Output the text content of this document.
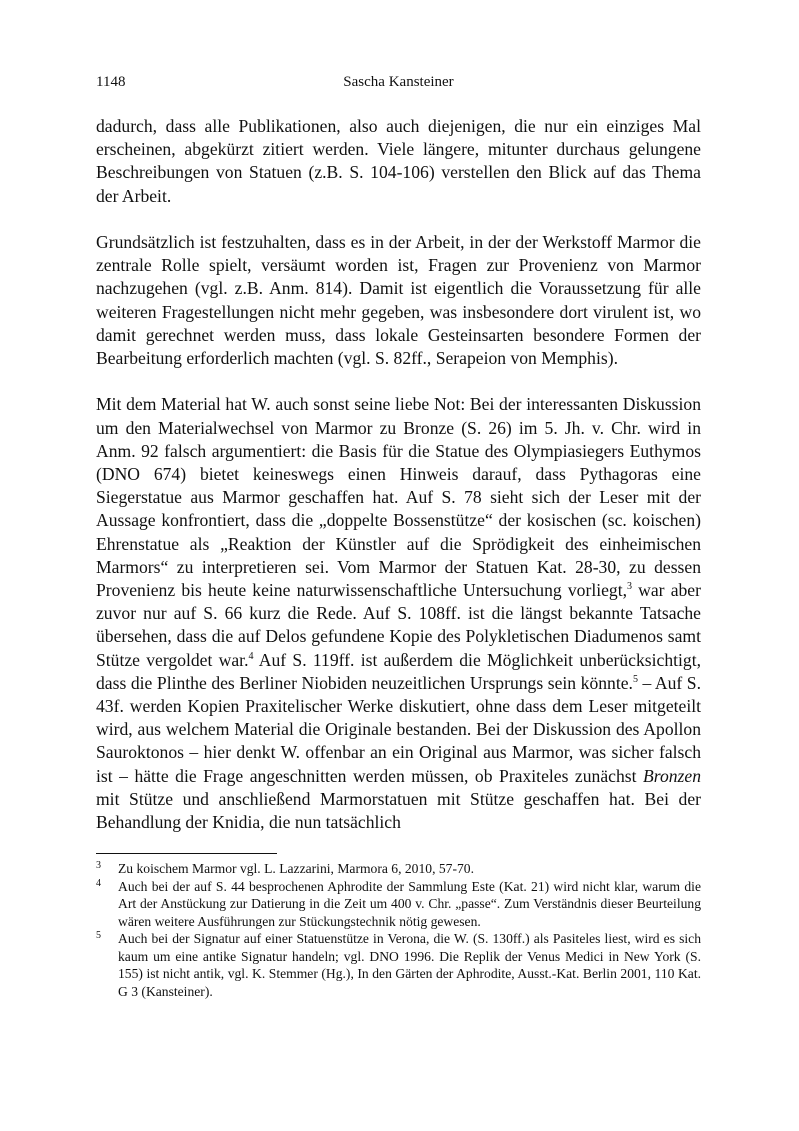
1148	Sascha Kansteiner

dadurch, dass alle Publikationen, also auch diejenigen, die nur ein einziges Mal erscheinen, abgekürzt zitiert werden. Viele längere, mitunter durchaus gelungene Beschreibungen von Statuen (z.B. S. 104-106) verstellen den Blick auf das Thema der Arbeit.

Grundsätzlich ist festzuhalten, dass es in der Arbeit, in der der Werkstoff Marmor die zentrale Rolle spielt, versäumt worden ist, Fragen zur Provenienz von Marmor nachzugehen (vgl. z.B. Anm. 814). Damit ist eigentlich die Voraussetzung für alle weiteren Fragestellungen nicht mehr gegeben, was insbesondere dort virulent ist, wo damit gerechnet werden muss, dass lokale Gesteinsarten besondere Formen der Bearbeitung erforderlich machten (vgl. S. 82ff., Serapeion von Memphis).

Mit dem Material hat W. auch sonst seine liebe Not: Bei der interessanten Diskussion um den Materialwechsel von Marmor zu Bronze (S. 26) im 5. Jh. v. Chr. wird in Anm. 92 falsch argumentiert: die Basis für die Statue des Olympiasiegers Euthymos (DNO 674) bietet keineswegs einen Hinweis darauf, dass Pythagoras eine Siegerstatue aus Marmor geschaffen hat. Auf S. 78 sieht sich der Leser mit der Aussage konfrontiert, dass die „doppelte Bossenstütze“ der kosischen (sc. koischen) Ehrenstatue als „Reaktion der Künstler auf die Sprödigkeit des einheimischen Marmors“ zu interpretieren sei. Vom Marmor der Statuen Kat. 28-30, zu dessen Provenienz bis heute keine naturwissenschaftliche Untersuchung vorliegt,$^3$ war aber zuvor nur auf S. 66 kurz die Rede. Auf S. 108ff. ist die längst bekannte Tatsache übersehen, dass die auf Delos gefundene Kopie des Polykletischen Diadumenos samt Stütze vergoldet war.$^4$ Auf S. 119ff. ist außerdem die Möglichkeit unberücksichtigt, dass die Plinthe des Berliner Niobiden neuzeitlichen Ursprungs sein könnte.$^5$ – Auf S. 43f. werden Kopien Praxitelischer Werke diskutiert, ohne dass dem Leser mitgeteilt wird, aus welchem Material die Originale bestanden. Bei der Diskussion des Apollon Sauroktonos – hier denkt W. offenbar an ein Original aus Marmor, was sicher falsch ist – hätte die Frage angeschnitten werden müssen, ob Praxiteles zunächst Bronzen mit Stütze und anschließend Marmorstatuen mit Stütze geschaffen hat. Bei der Behandlung der Knidia, die nun tatsächlich

3 Zu koischem Marmor vgl. L. Lazzarini, Marmora 6, 2010, 57-70.

4 Auch bei der auf S. 44 besprochenen Aphrodite der Sammlung Este (Kat. 21) wird nicht klar, warum die Art der Anstückung zur Datierung in die Zeit um 400 v. Chr. „passe“. Zum Verständnis dieser Beurteilung wären weitere Ausführungen zur Stückungstechnik nötig gewesen.

5 Auch bei der Signatur auf einer Statuenstütze in Verona, die W. (S. 130ff.) als Pasiteles liest, wird es sich kaum um eine antike Signatur handeln; vgl. DNO 1996. Die Replik der Venus Medici in New York (S. 155) ist nicht antik, vgl. K. Stemmer (Hg.), In den Gärten der Aphrodite, Ausst.-Kat. Berlin 2001, 110 Kat. G 3 (Kansteiner).
